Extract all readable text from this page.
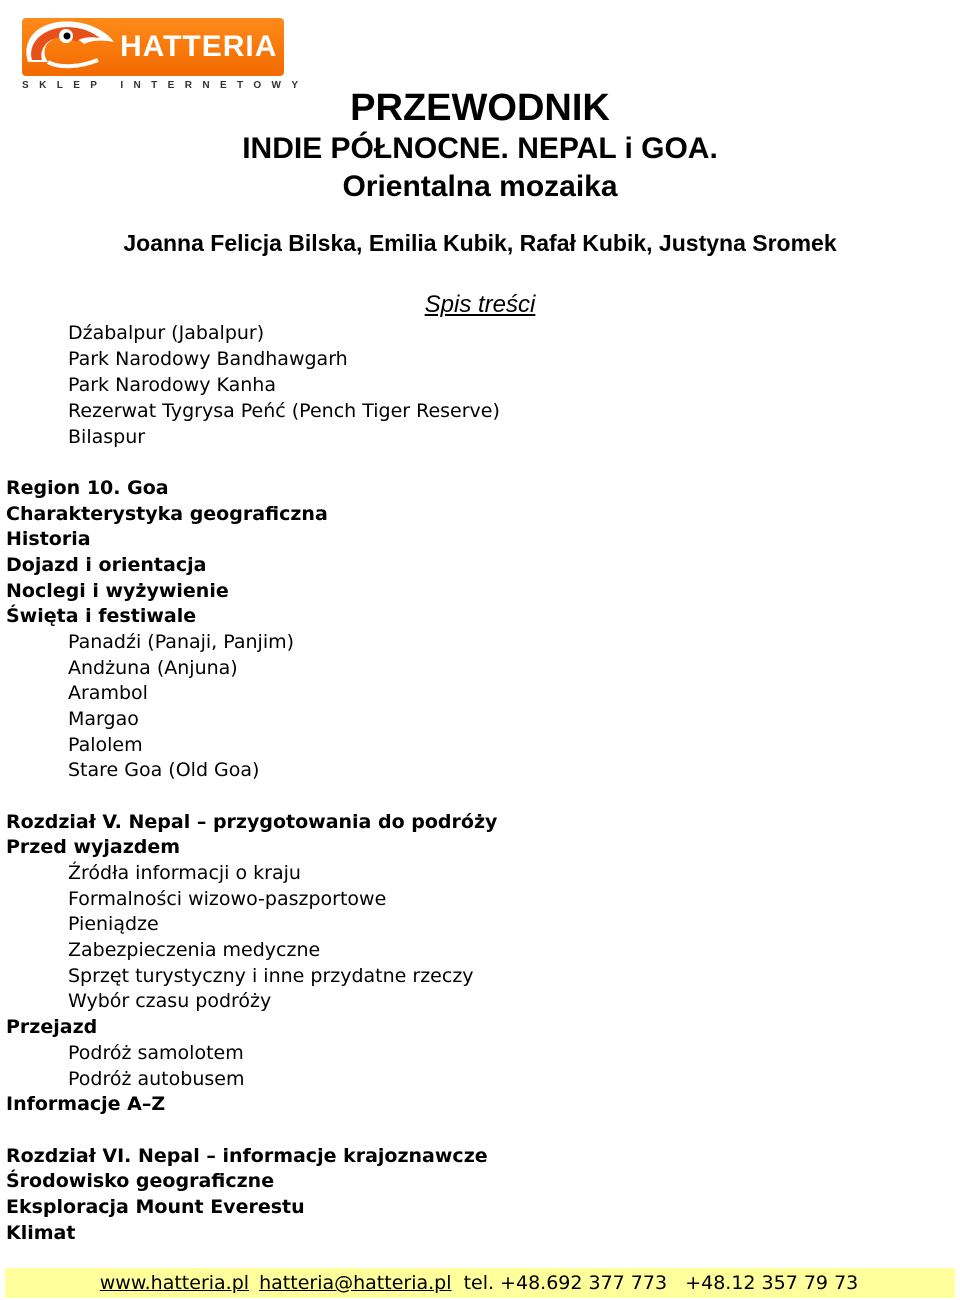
HATTERIA
SKLEP INTERNETOWY
PRZEWODNIK
INDIE PÓŁNOCNE. NEPAL i GOA.
Orientalna mozaika
Joanna Felicja Bilska, Emilia Kubik, Rafał Kubik, Justyna Sromek
Spis treści
Dźabalpur (Jabalpur)
Park Narodowy Bandhawgarh
Park Narodowy Kanha
Rezerwat Tygrysa Peńć (Pench Tiger Reserve)
Bilaspur
Region 10. Goa
Charakterystyka geograficzna
Historia
Dojazd i orientacja
Noclegi i wyżywienie
Święta i festiwale
Panadźi (Panaji, Panjim)
Andżuna (Anjuna)
Arambol
Margao
Palolem
Stare Goa (Old Goa)
Rozdział V. Nepal – przygotowania do podróży
Przed wyjazdem
Źródła informacji o kraju
Formalności wizowo-paszportowe
Pieniądze
Zabezpieczenia medyczne
Sprzęt turystyczny i inne przydatne rzeczy
Wybór czasu podróży
Przejazd
Podróż samolotem
Podróż autobusem
Informacje A–Z
Rozdział VI. Nepal – informacje krajoznawcze
Środowisko geograficzne
Eksploracja Mount Everestu
Klimat
www.hatteria.pl hatteria@hatteria.pl tel. +48.692 377 773   +48.12 357 79 73
